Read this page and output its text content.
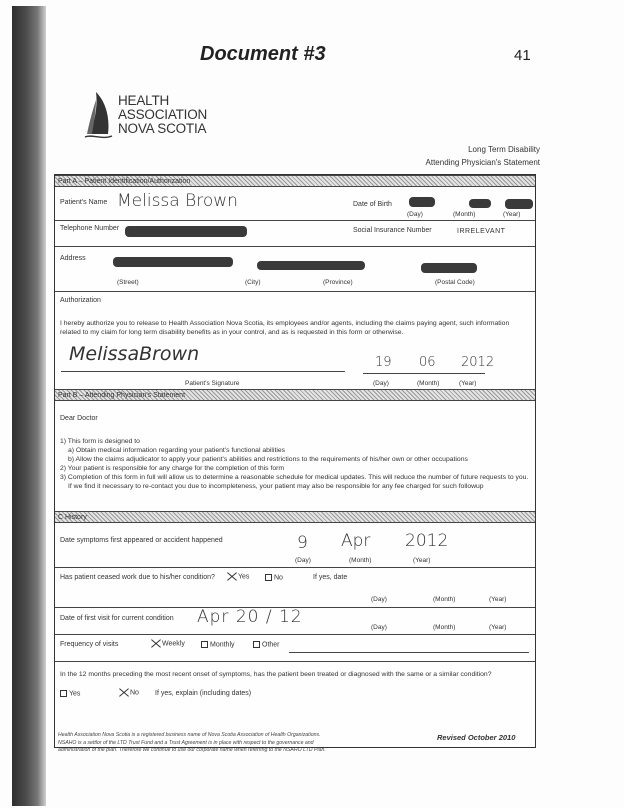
Document #3	41
HEALTH
ASSOCIATION
NOVA SCOTIA
Long Term Disability
Attending Physician's Statement
Part A – Patient Identification/Authorization
Patient's Name Melissa Brown	Date of Birth
(Day)	(Month)	(Year)
Telephone Number	Social Insurance Number	IRRELEVANT
Address
(Street)	(City)	(Province)	(Postal Code)
Authorization
I hereby authorize you to release to Health Association Nova Scotia, its employees and/or agents, including the claims paying agent, such information related to my claim for long term disability benefits as in your control, and as is requested in this form or otherwise.
MelissaBrown	19 06 2012
Patient's Signature	(Day)	(Month)	(Year)
Part B – Attending Physician's Statement
Dear Doctor
1) This form is designed to
a) Obtain medical information regarding your patient's functional abilities
b) Allow the claims adjudicator to apply your patient's abilities and restrictions to the requirements of his/her own or other occupations
2) Your patient is responsible for any charge for the completion of this form
3) Completion of this form in full will allow us to determine a reasonable schedule for medical updates. This will reduce the number of future requests to you. If we find it necessary to re-contact you due to incompleteness, your patient may also be responsible for any fee charged for such followup
C History
Date symptoms first appeared or accident happened	9 Apr 2012
(Day)	(Month)	(Year)
Has patient ceased work due to his/her condition?	Yes	No	If yes, date
(Day)	(Month)	(Year)
Date of first visit for current condition Apr 20 / 12
(Day)	(Month)	(Year)
Frequency of visits	Weekly	Monthly	Other
In the 12 months preceding the most recent onset of symptoms, has the patient been treated or diagnosed with the same or a similar condition?
Yes	No If yes, explain (including dates)
Health Association Nova Scotia is a registered business name of Nova Scotia Association of Health Organizations.
NSAHO is a settlor of the LTD Trust Fund and a Trust Agreement is in place with respect to the governance and
administration of the plan. Therefore we continue to use our corporate name when referring to the NSAHO LTD Plan.
Revised October 2010
